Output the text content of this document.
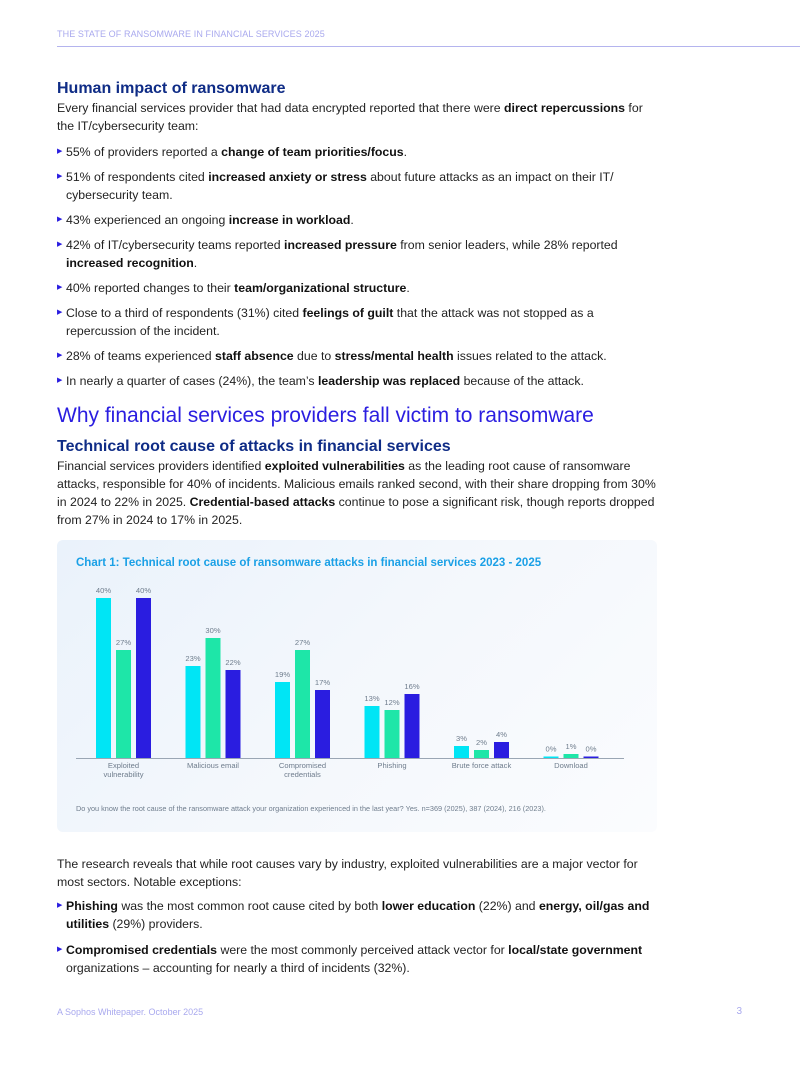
THE STATE OF RANSOMWARE IN FINANCIAL SERVICES 2025
Human impact of ransomware

Every financial services provider that had data encrypted reported that there were direct repercussions for the IT/cybersecurity team:

▶ 55% of providers reported a change of team priorities/focus.
▶ 51% of respondents cited increased anxiety or stress about future attacks as an impact on their IT/ cybersecurity team.
▶ 43% experienced an ongoing increase in workload.
▶ 42% of IT/cybersecurity teams reported increased pressure from senior leaders, while 28% reported increased recognition.
▶ 40% reported changes to their team/organizational structure.
▶ Close to a third of respondents (31%) cited feelings of guilt that the attack was not stopped as a repercussion of the incident.
▶ 28% of teams experienced staff absence due to stress/mental health issues related to the attack.
▶ In nearly a quarter of cases (24%), the team’s leadership was replaced because of the attack.
Why financial services providers fall victim to ransomware
Technical root cause of attacks in financial services

Financial services providers identified exploited vulnerabilities as the leading root cause of ransomware attacks, responsible for 40% of incidents. Malicious emails ranked second, with their share dropping from 30% in 2024 to 22% in 2025. Credential-based attacks continue to pose a significant risk, though reports dropped from 27% in 2024 to 17% in 2025.

Chart 1: Technical root cause of ransomware attacks in financial services 2023 - 2025
40%
27%
40%
Exploited
vulnerability
23%
30%
22%
Malicious email
19%
27%
17%
Compromised
credentials
13% 12%
16%
Phishing
3% 2%
4%
Brute force attack
0% 1% 0%
Download
Do you know the root cause of the ransomware attack your organization experienced in the last year? Yes. n=369 (2025), 387 (2024), 216 (2023).

The research reveals that while root causes vary by industry, exploited vulnerabilities are a major vector for most sectors. Notable exceptions:

▶ Phishing was the most common root cause cited by both lower education (22%) and energy, oil/gas and utilities (29%) providers.
▶ Compromised credentials were the most commonly perceived attack vector for local/state government organizations – accounting for nearly a third of incidents (32%).
A Sophos Whitepaper. October 2025	3
